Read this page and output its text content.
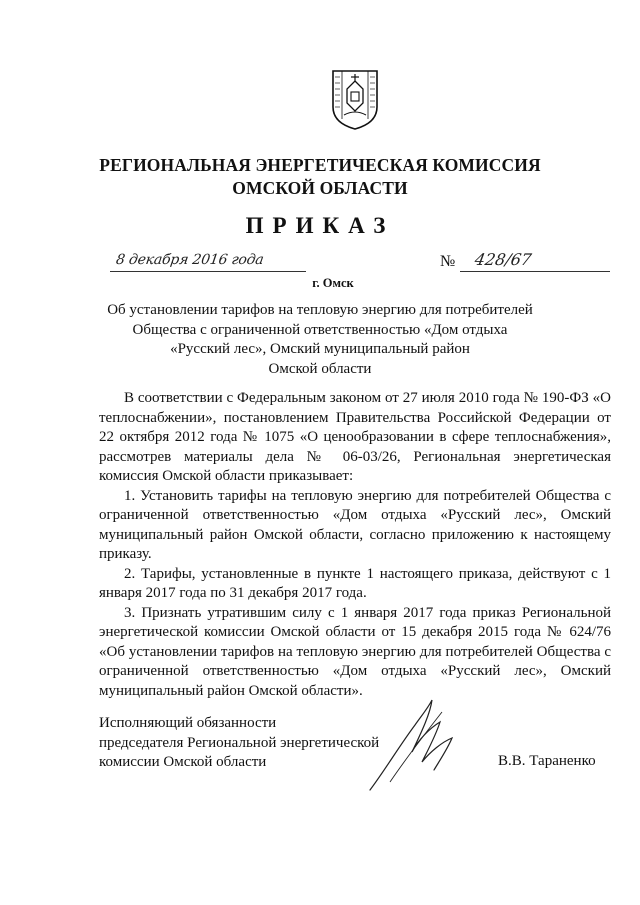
РЕГИОНАЛЬНАЯ ЭНЕРГЕТИЧЕСКАЯ КОМИССИЯ
ОМСКОЙ ОБЛАСТИ
ПРИКАЗ
8 декабря 2016 года	№ 428/67
г. Омск
Об установлении тарифов на тепловую энергию для потребителей
Общества с ограниченной ответственностью «Дом отдыха
«Русский лес», Омский муниципальный район
Омской области

В соответствии с Федеральным законом от 27 июля 2010 года № 190-ФЗ «О теплоснабжении», постановлением Правительства Российской Федерации от 22 октября 2012 года № 1075 «О ценообразовании в сфере теплоснабжения», рассмотрев материалы дела № 06-03/26, Региональная энергетическая комиссия Омской области приказывает:

1. Установить тарифы на тепловую энергию для потребителей Общества с ограниченной ответственностью «Дом отдыха «Русский лес», Омский муниципальный район Омской области, согласно приложению к настоящему приказу.

2. Тарифы, установленные в пункте 1 настоящего приказа, действуют с 1 января 2017 года по 31 декабря 2017 года.

3. Признать утратившим силу с 1 января 2017 года приказ Региональной энергетической комиссии Омской области от 15 декабря 2015 года № 624/76 «Об установлении тарифов на тепловую энергию для потребителей Общества с ограниченной ответственностью «Дом отдыха «Русский лес», Омский муниципальный район Омской области».

Исполняющий обязанности
председателя Региональной энергетической
комиссии Омской области	В.В. Тараненко
